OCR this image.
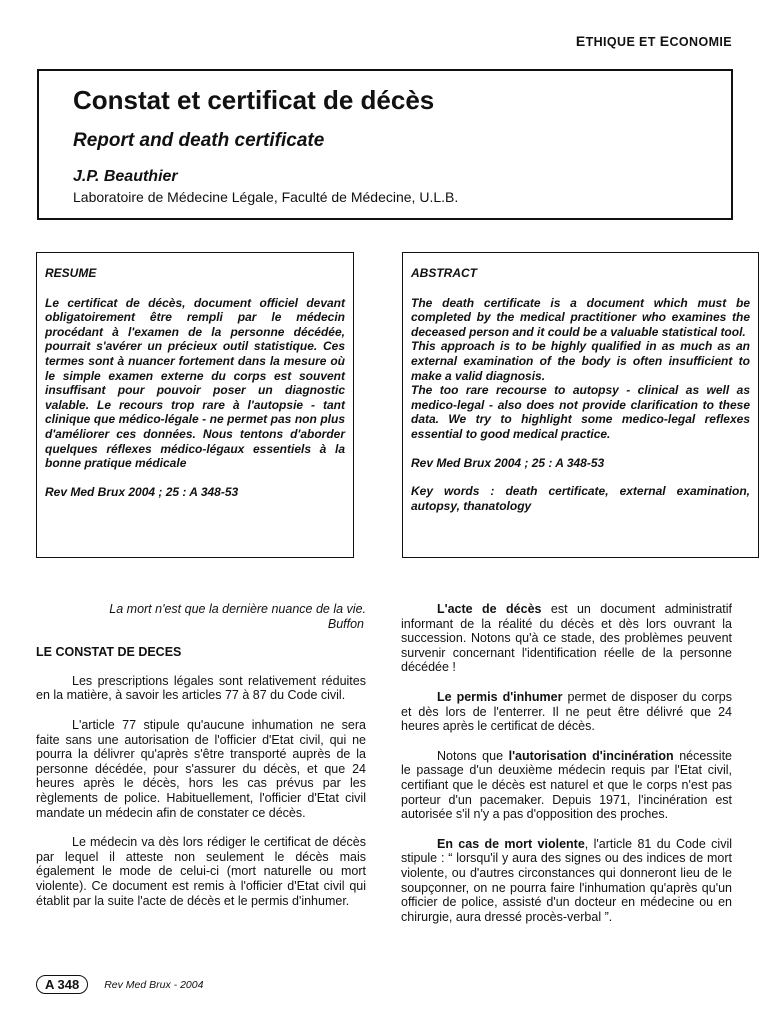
ETHIQUE ET ECONOMIE
Constat et certificat de décès
Report and death certificate
J.P. Beauthier
Laboratoire de Médecine Légale, Faculté de Médecine, U.L.B.
RESUME
Le certificat de décès, document officiel devant obligatoirement être rempli par le médecin procédant à l'examen de la personne décédée, pourrait s'avérer un précieux outil statistique. Ces termes sont à nuancer fortement dans la mesure où le simple examen externe du corps est souvent insuffisant pour pouvoir poser un diagnostic valable. Le recours trop rare à l'autopsie - tant clinique que médico-légale - ne permet pas non plus d'améliorer ces données. Nous tentons d'aborder quelques réflexes médico-légaux essentiels à la bonne pratique médicale
Rev Med Brux 2004 ; 25 : A 348-53
ABSTRACT
The death certificate is a document which must be completed by the medical practitioner who examines the deceased person and it could be a valuable statistical tool.
This approach is to be highly qualified in as much as an external examination of the body is often insufficient to make a valid diagnosis.
The too rare recourse to autopsy - clinical as well as medico-legal - also does not provide clarification to these data. We try to highlight some medico-legal reflexes essential to good medical practice.
Rev Med Brux 2004 ; 25 : A 348-53
Key words : death certificate, external examination, autopsy, thanatology
La mort n'est que la dernière nuance de la vie.
Buffon
LE CONSTAT DE DECES

Les prescriptions légales sont relativement réduites en la matière, à savoir les articles 77 à 87 du Code civil.

L'article 77 stipule qu'aucune inhumation ne sera faite sans une autorisation de l'officier d'Etat civil, qui ne pourra la délivrer qu'après s'être transporté auprès de la personne décédée, pour s'assurer du décès, et que 24 heures après le décès, hors les cas prévus par les règlements de police. Habituellement, l'officier d'Etat civil mandate un médecin afin de constater ce décès.

Le médecin va dès lors rédiger le certificat de décès par lequel il atteste non seulement le décès mais également le mode de celui-ci (mort naturelle ou mort violente). Ce document est remis à l'officier d'Etat civil qui établit par la suite l'acte de décès et le permis d'inhumer.

L'acte de décès est un document administratif informant de la réalité du décès et dès lors ouvrant la succession. Notons qu'à ce stade, des problèmes peuvent survenir concernant l'identification réelle de la personne décédée !

Le permis d'inhumer permet de disposer du corps et dès lors de l'enterrer. Il ne peut être délivré que 24 heures après le certificat de décès.

Notons que l'autorisation d'incinération nécessite le passage d'un deuxième médecin requis par l'Etat civil, certifiant que le décès est naturel et que le corps n'est pas porteur d'un pacemaker. Depuis 1971, l'incinération est autorisée s'il n'y a pas d'opposition des proches.

En cas de mort violente, l'article 81 du Code civil stipule : “ lorsqu'il y aura des signes ou des indices de mort violente, ou d'autres circonstances qui donneront lieu de le soupçonner, on ne pourra faire l'inhumation qu'après qu'un officier de police, assisté d'un docteur en médecine ou en chirurgie, aura dressé procès-verbal ”.

A 348	Rev Med Brux - 2004
